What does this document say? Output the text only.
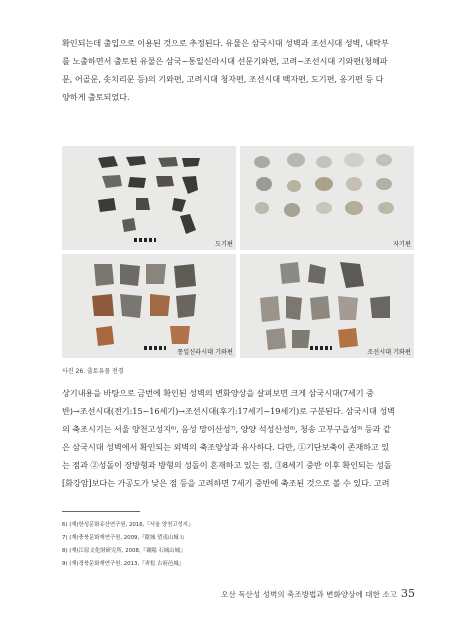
확인되는데 출입으로 이용된 것으로 추정된다. 유물은 삼국시대 성벽과 조선시대 성벽, 내탁부
를 노출하면서 출토된 유물은 삼국~통일신라시대 선문기와편, 고려~조선시대 기와편(청해파
문, 어골문, 솟치리문 등)의 기와편, 고려시대 청자편, 조선시대 백자편, 도기편, 옹기편 등 다
양하게 출토되었다.

도기편	자기편
통일신라시대 기와편	조선시대 기와편
사진 26. 출토유물 전경

상기내용을 바탕으로 금번에 확인된 성벽의 변화양상을 살펴보면 크게 삼국시대(7세기 중
반)→조선시대(전기:15~16세기)→조선시대(후기:17세기~19세기)로 구분된다. 삼국시대 성벽
의 축조시기는 서울 양천고성지⁶⁾, 음성 망이산성⁷⁾, 양양 석성산성⁸⁾, 청송 고부구읍성⁹⁾ 등과 같
은 삼국시대 성벽에서 확인되는 외벽의 축조양상과 유사하다. 다만, ①기단보축이 존재하고 있
는 점과 ②성돌이 장방형과 방형의 성돌이 혼재하고 있는 점, ③8세기 중반 이후 확인되는 성돌
[화강암]보다는 가공도가 낮은 점 등을 고려하면 7세기 중반에 축조된 것으로 볼 수 있다. 고려

6) (재)한성문화유산연구원, 2016,『서울 양천고성지』
7) (재)충북문화재연구원, 2009,『陰城 望夷山城 Ⅰ』
8) (재)江原文化財研究所, 2008,『襄陽 石城山城』
9) (재)경북문화재연구원, 2013,『靑松 古府邑城』
오산 독산성 성벽의 축조방법과 변화양상에 대한 소고 35
